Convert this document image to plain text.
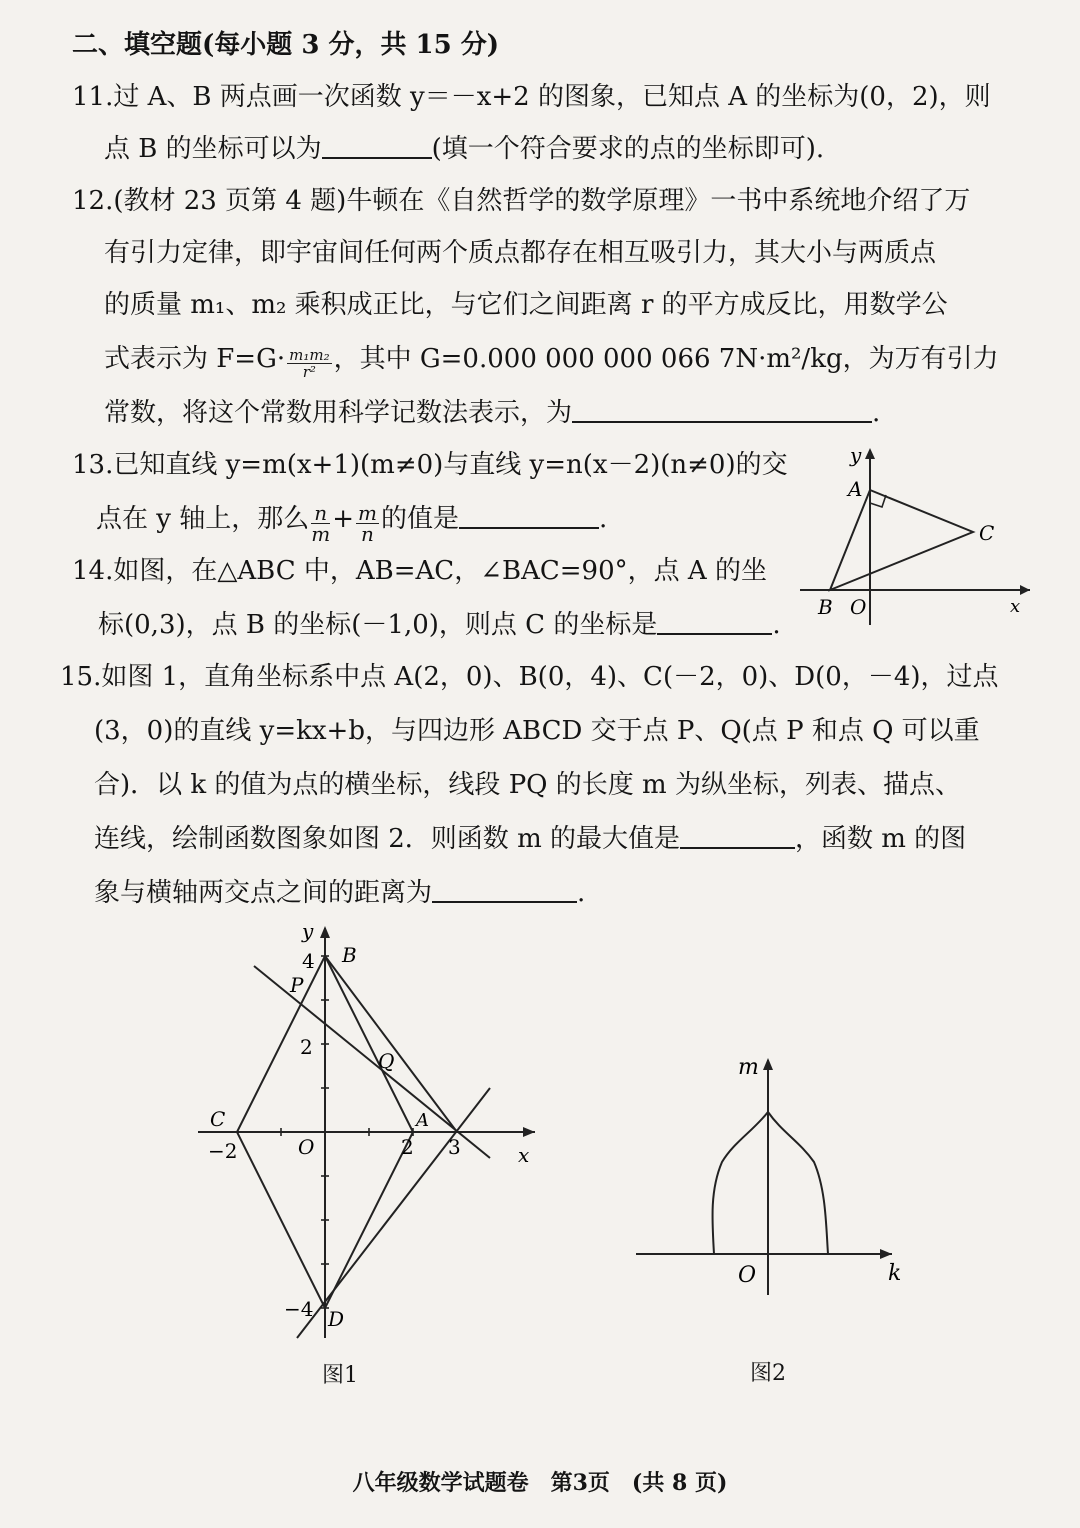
二、填空题(每小题 3 分，共 15 分)
11.过 A、B 两点画一次函数 y＝－x+2 的图象，已知点 A 的坐标为(0，2)，则
点 B 的坐标可以为	(填一个符合要求的点的坐标即可).
12.(教材 23 页第 4 题)牛顿在《自然哲学的数学原理》一书中系统地介绍了万
有引力定律，即宇宙间任何两个质点都存在相互吸引力，其大小与两质点
的质量 m₁、m₂ 乘积成正比，与它们之间距离 r 的平方成反比，用数学公
式表示为 $F=G\cdot \frac{\text{m₁m₂}}{\text{r²}}$ ，其中 G=0.000 000 000 066 7N·m²/kg，为万有引力
常数，将这个常数用科学记数法表示，为	.
13.已知直线 y=m(x+1)(m≠0)与直线 y=n(x－2)(n≠0)的交
点在 y 轴上，那么 $\frac{n}{m} + \frac{m}{n}$ 的值是	.
14.如图，在△ABC 中，AB=AC，∠BAC=90°，点 A 的坐
标(0,3)，点 B 的坐标(－1,0)，则点 C 的坐标是	.
y
x
A
B O
C
15.如图 1，直角坐标系中点 A(2，0)、B(0，4)、C(－2，0)、D(0，－4)，过点
(3，0)的直线 y=kx+b，与四边形 ABCD 交于点 P、Q(点 P 和点 Q 可以重
合)．以 k 的值为点的横坐标，线段 PQ 的长度 m 为纵坐标，列表、描点、
连线，绘制函数图象如图 2．则函数 m 的最大值是	，函数 m 的图
象与横轴两交点之间的距离为	.
y
x
O
4
2
−4
−2	2 3
B
P
Q
C	A
D
图1
m
k
O
图2
八年级数学试题卷　第3页　(共 8 页)
